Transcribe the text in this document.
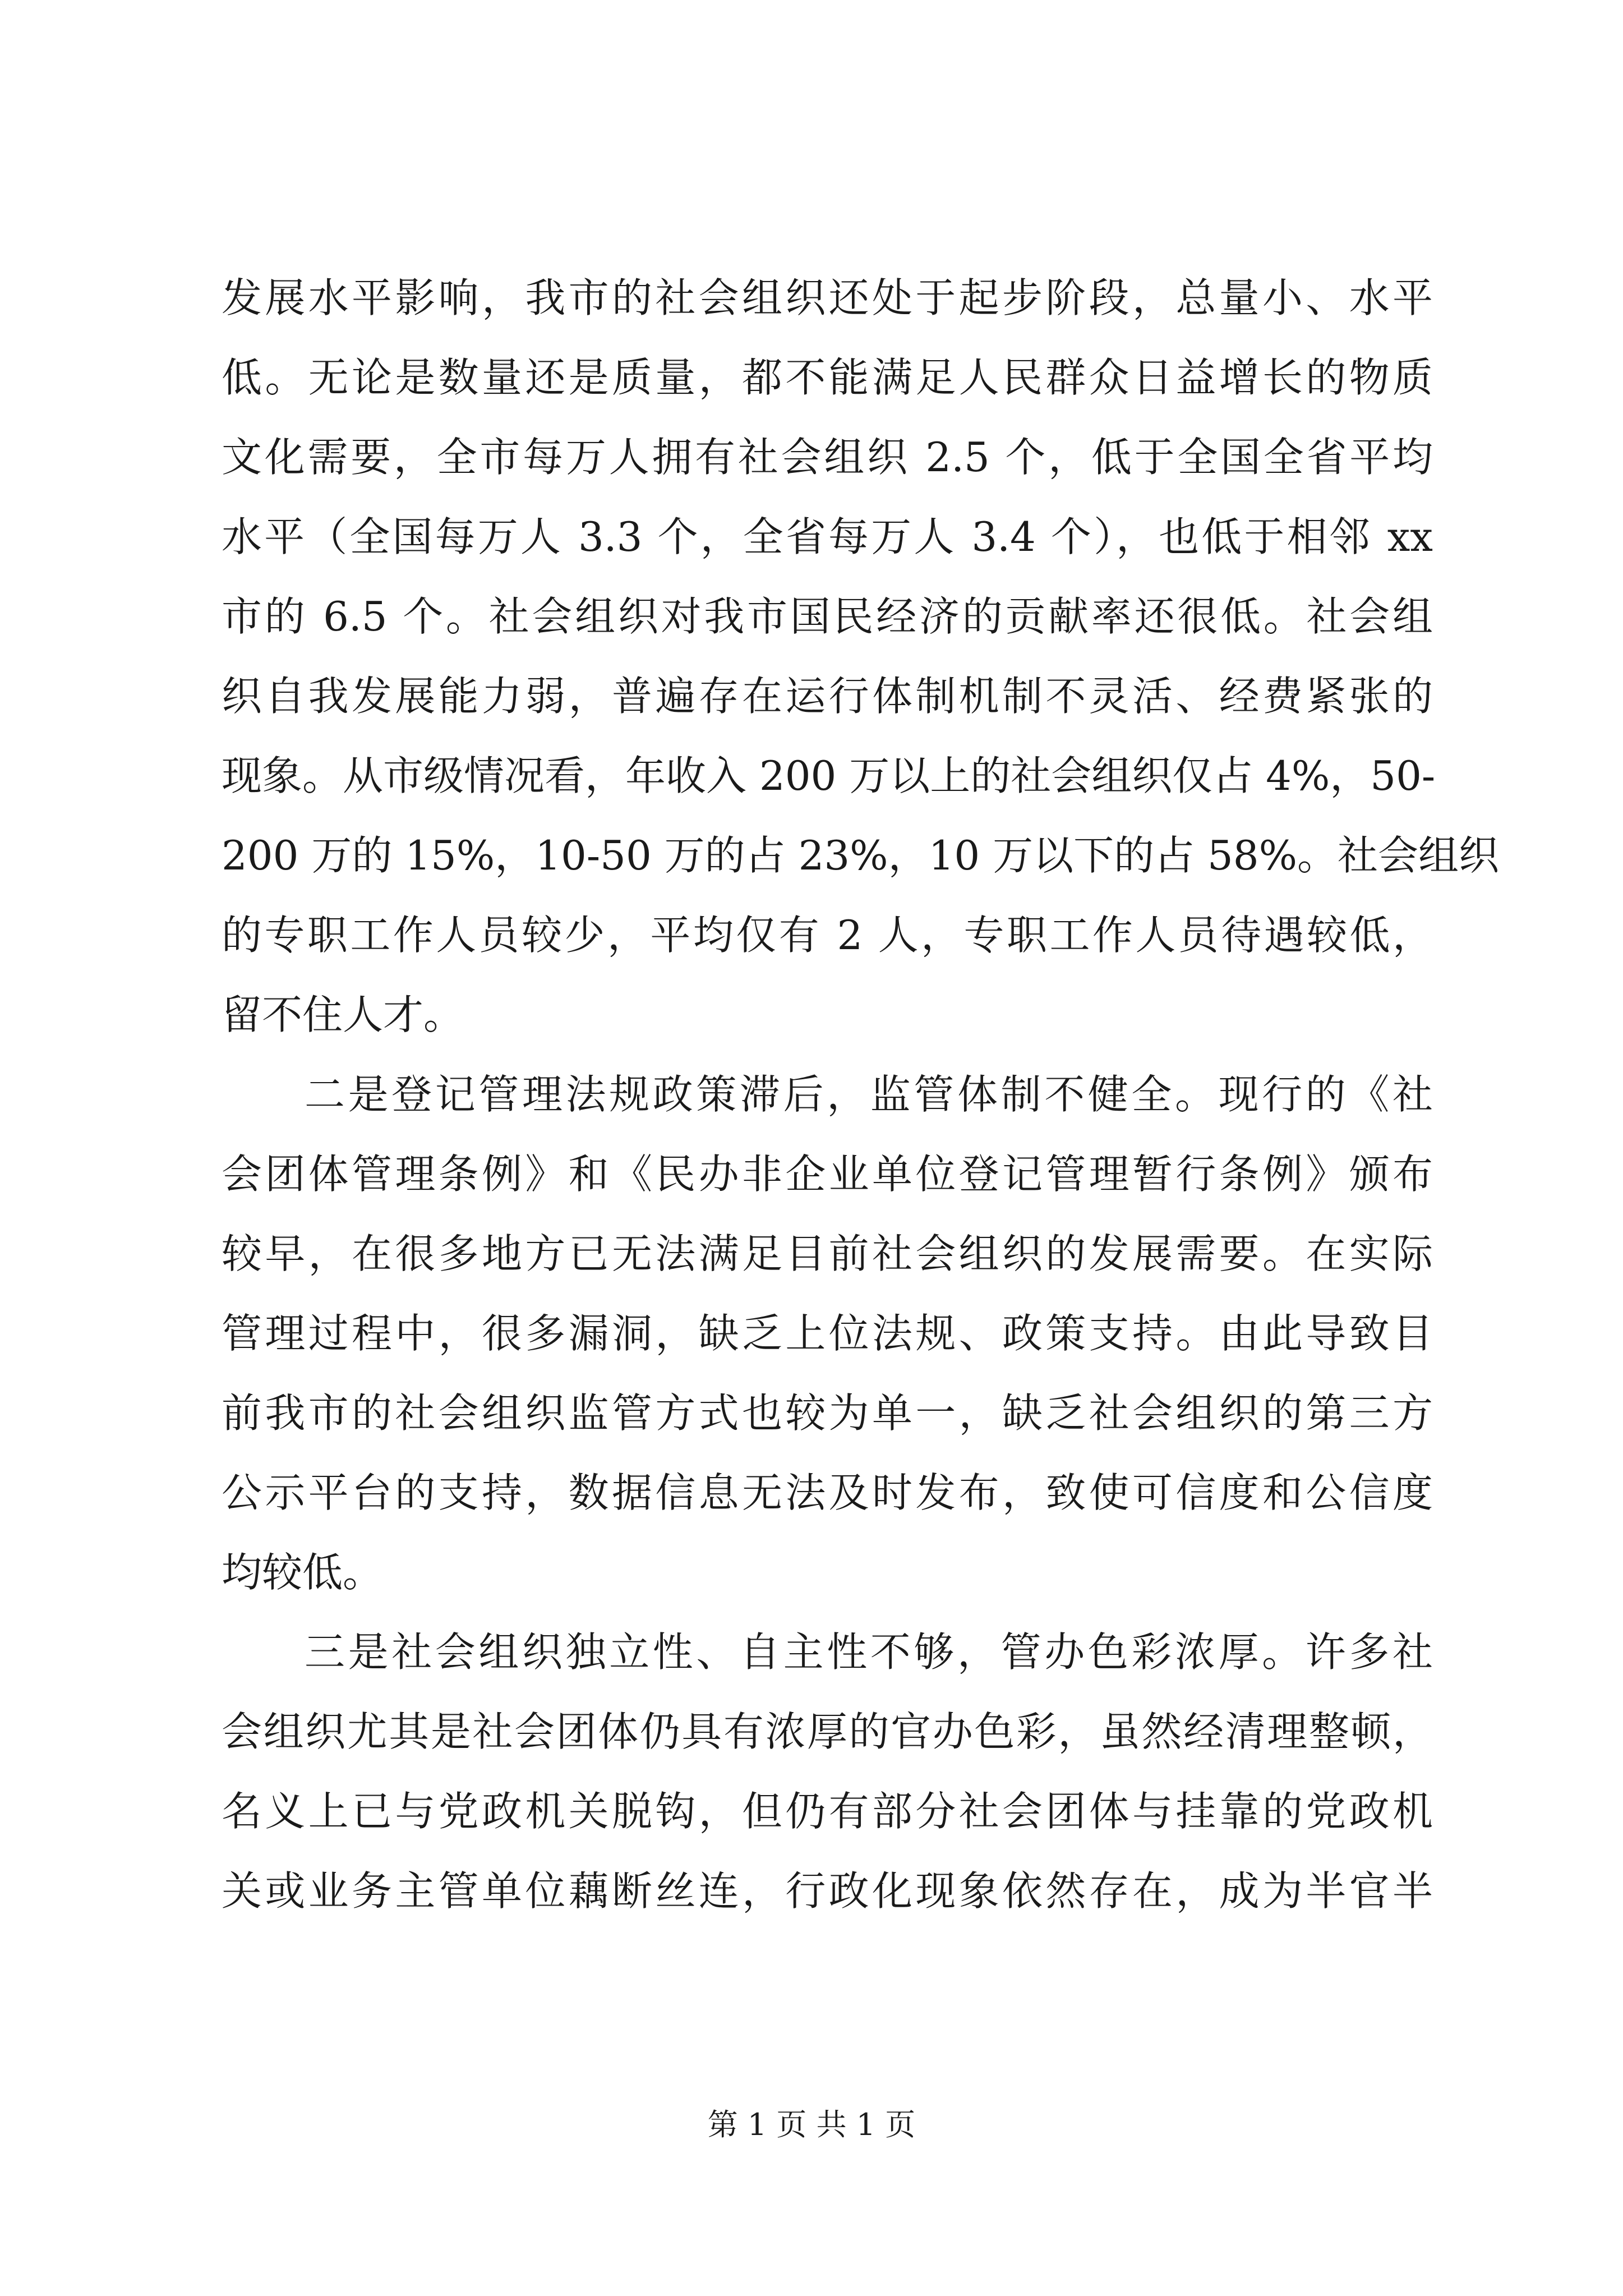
发展水平影响，我市的社会组织还处于起步阶段，总量小、水平
低。无论是数量还是质量，都不能满足人民群众日益增长的物质
文化需要，全市每万人拥有社会组织 2.5 个，低于全国全省平均
水平（全国每万人 3.3 个，全省每万人 3.4 个），也低于相邻 xx
市的 6.5 个。社会组织对我市国民经济的贡献率还很低。社会组
织自我发展能力弱，普遍存在运行体制机制不灵活、经费紧张的
现象。从市级情况看，年收入 200 万以上的社会组织仅占 4%，50-
200 万的 15%，10-50 万的占 23%，10 万以下的占 58%。社会组织
的专职工作人员较少，平均仅有 2 人，专职工作人员待遇较低，
留不住人才。
二是登记管理法规政策滞后，监管体制不健全。现行的《社
会团体管理条例》和《民办非企业单位登记管理暂行条例》颁布
较早，在很多地方已无法满足目前社会组织的发展需要。在实际
管理过程中，很多漏洞，缺乏上位法规、政策支持。由此导致目
前我市的社会组织监管方式也较为单一，缺乏社会组织的第三方
公示平台的支持，数据信息无法及时发布，致使可信度和公信度
均较低。
三是社会组织独立性、自主性不够，管办色彩浓厚。许多社
会组织尤其是社会团体仍具有浓厚的官办色彩，虽然经清理整顿，
名义上已与党政机关脱钩，但仍有部分社会团体与挂靠的党政机
关或业务主管单位藕断丝连，行政化现象依然存在，成为半官半
第 1 页 共 1 页
